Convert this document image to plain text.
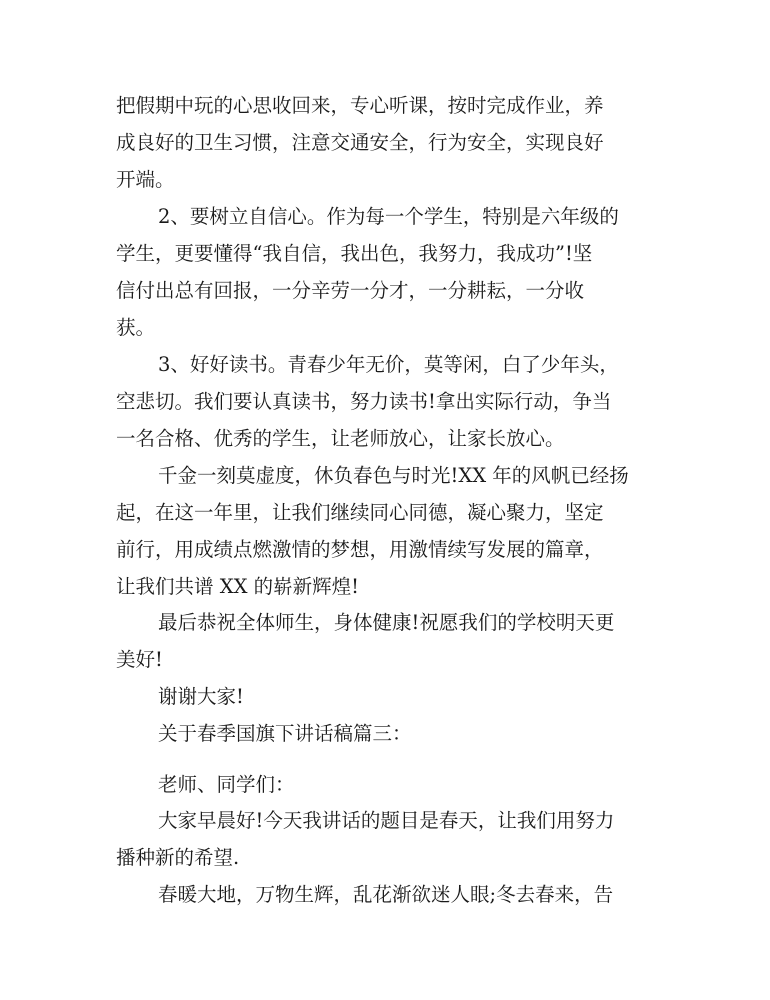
把假期中玩的心思收回来，专心听课，按时完成作业，养

成良好的卫生习惯，注意交通安全，行为安全，实现良好

开端。

2、要树立自信心。作为每一个学生，特别是六年级的

学生，更要懂得“我自信，我出色，我努力，我成功”!坚

信付出总有回报，一分辛劳一分才，一分耕耘，一分收

获。

3、好好读书。青春少年无价，莫等闲，白了少年头，

空悲切。我们要认真读书，努力读书!拿出实际行动，争当

一名合格、优秀的学生，让老师放心，让家长放心。

千金一刻莫虚度，休负春色与时光!XX 年的风帆已经扬

起，在这一年里，让我们继续同心同德，凝心聚力，坚定

前行，用成绩点燃激情的梦想，用激情续写发展的篇章，

让我们共谱 XX 的崭新辉煌!

最后恭祝全体师生，身体健康!祝愿我们的学校明天更

美好!

谢谢大家!

关于春季国旗下讲话稿篇三：

老师、同学们：

大家早晨好!今天我讲话的题目是春天，让我们用努力

播种新的希望.

春暖大地，万物生辉，乱花渐欲迷人眼;冬去春来，告
